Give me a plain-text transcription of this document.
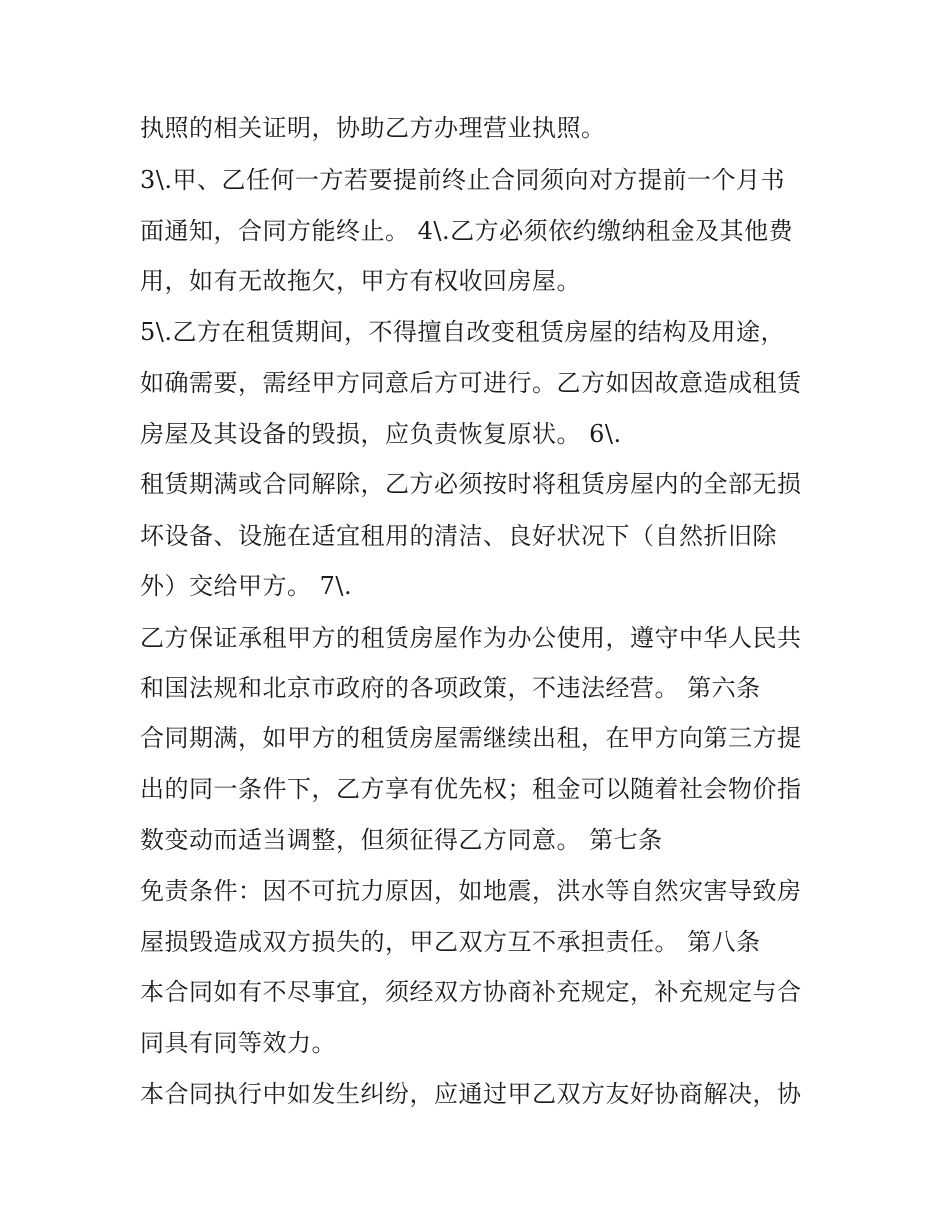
执照的相关证明，协助乙方办理营业执照。

3\.甲、乙任何一方若要提前终止合同须向对方提前一个月书

面通知，合同方能终止。 4\.乙方必须依约缴纳租金及其他费

用，如有无故拖欠，甲方有权收回房屋。

5\.乙方在租赁期间，不得擅自改变租赁房屋的结构及用途，

如确需要，需经甲方同意后方可进行。乙方如因故意造成租赁

房屋及其设备的毁损，应负责恢复原状。 6\.

租赁期满或合同解除，乙方必须按时将租赁房屋内的全部无损

坏设备、设施在适宜租用的清洁、良好状况下（自然折旧除

外）交给甲方。 7\.

乙方保证承租甲方的租赁房屋作为办公使用，遵守中华人民共

和国法规和北京市政府的各项政策，不违法经营。 第六条

合同期满，如甲方的租赁房屋需继续出租，在甲方向第三方提

出的同一条件下，乙方享有优先权；租金可以随着社会物价指

数变动而适当调整，但须征得乙方同意。 第七条

免责条件：因不可抗力原因，如地震，洪水等自然灾害导致房

屋损毁造成双方损失的，甲乙双方互不承担责任。 第八条

本合同如有不尽事宜，须经双方协商补充规定，补充规定与合

同具有同等效力。

本合同执行中如发生纠纷，应通过甲乙双方友好协商解决，协
